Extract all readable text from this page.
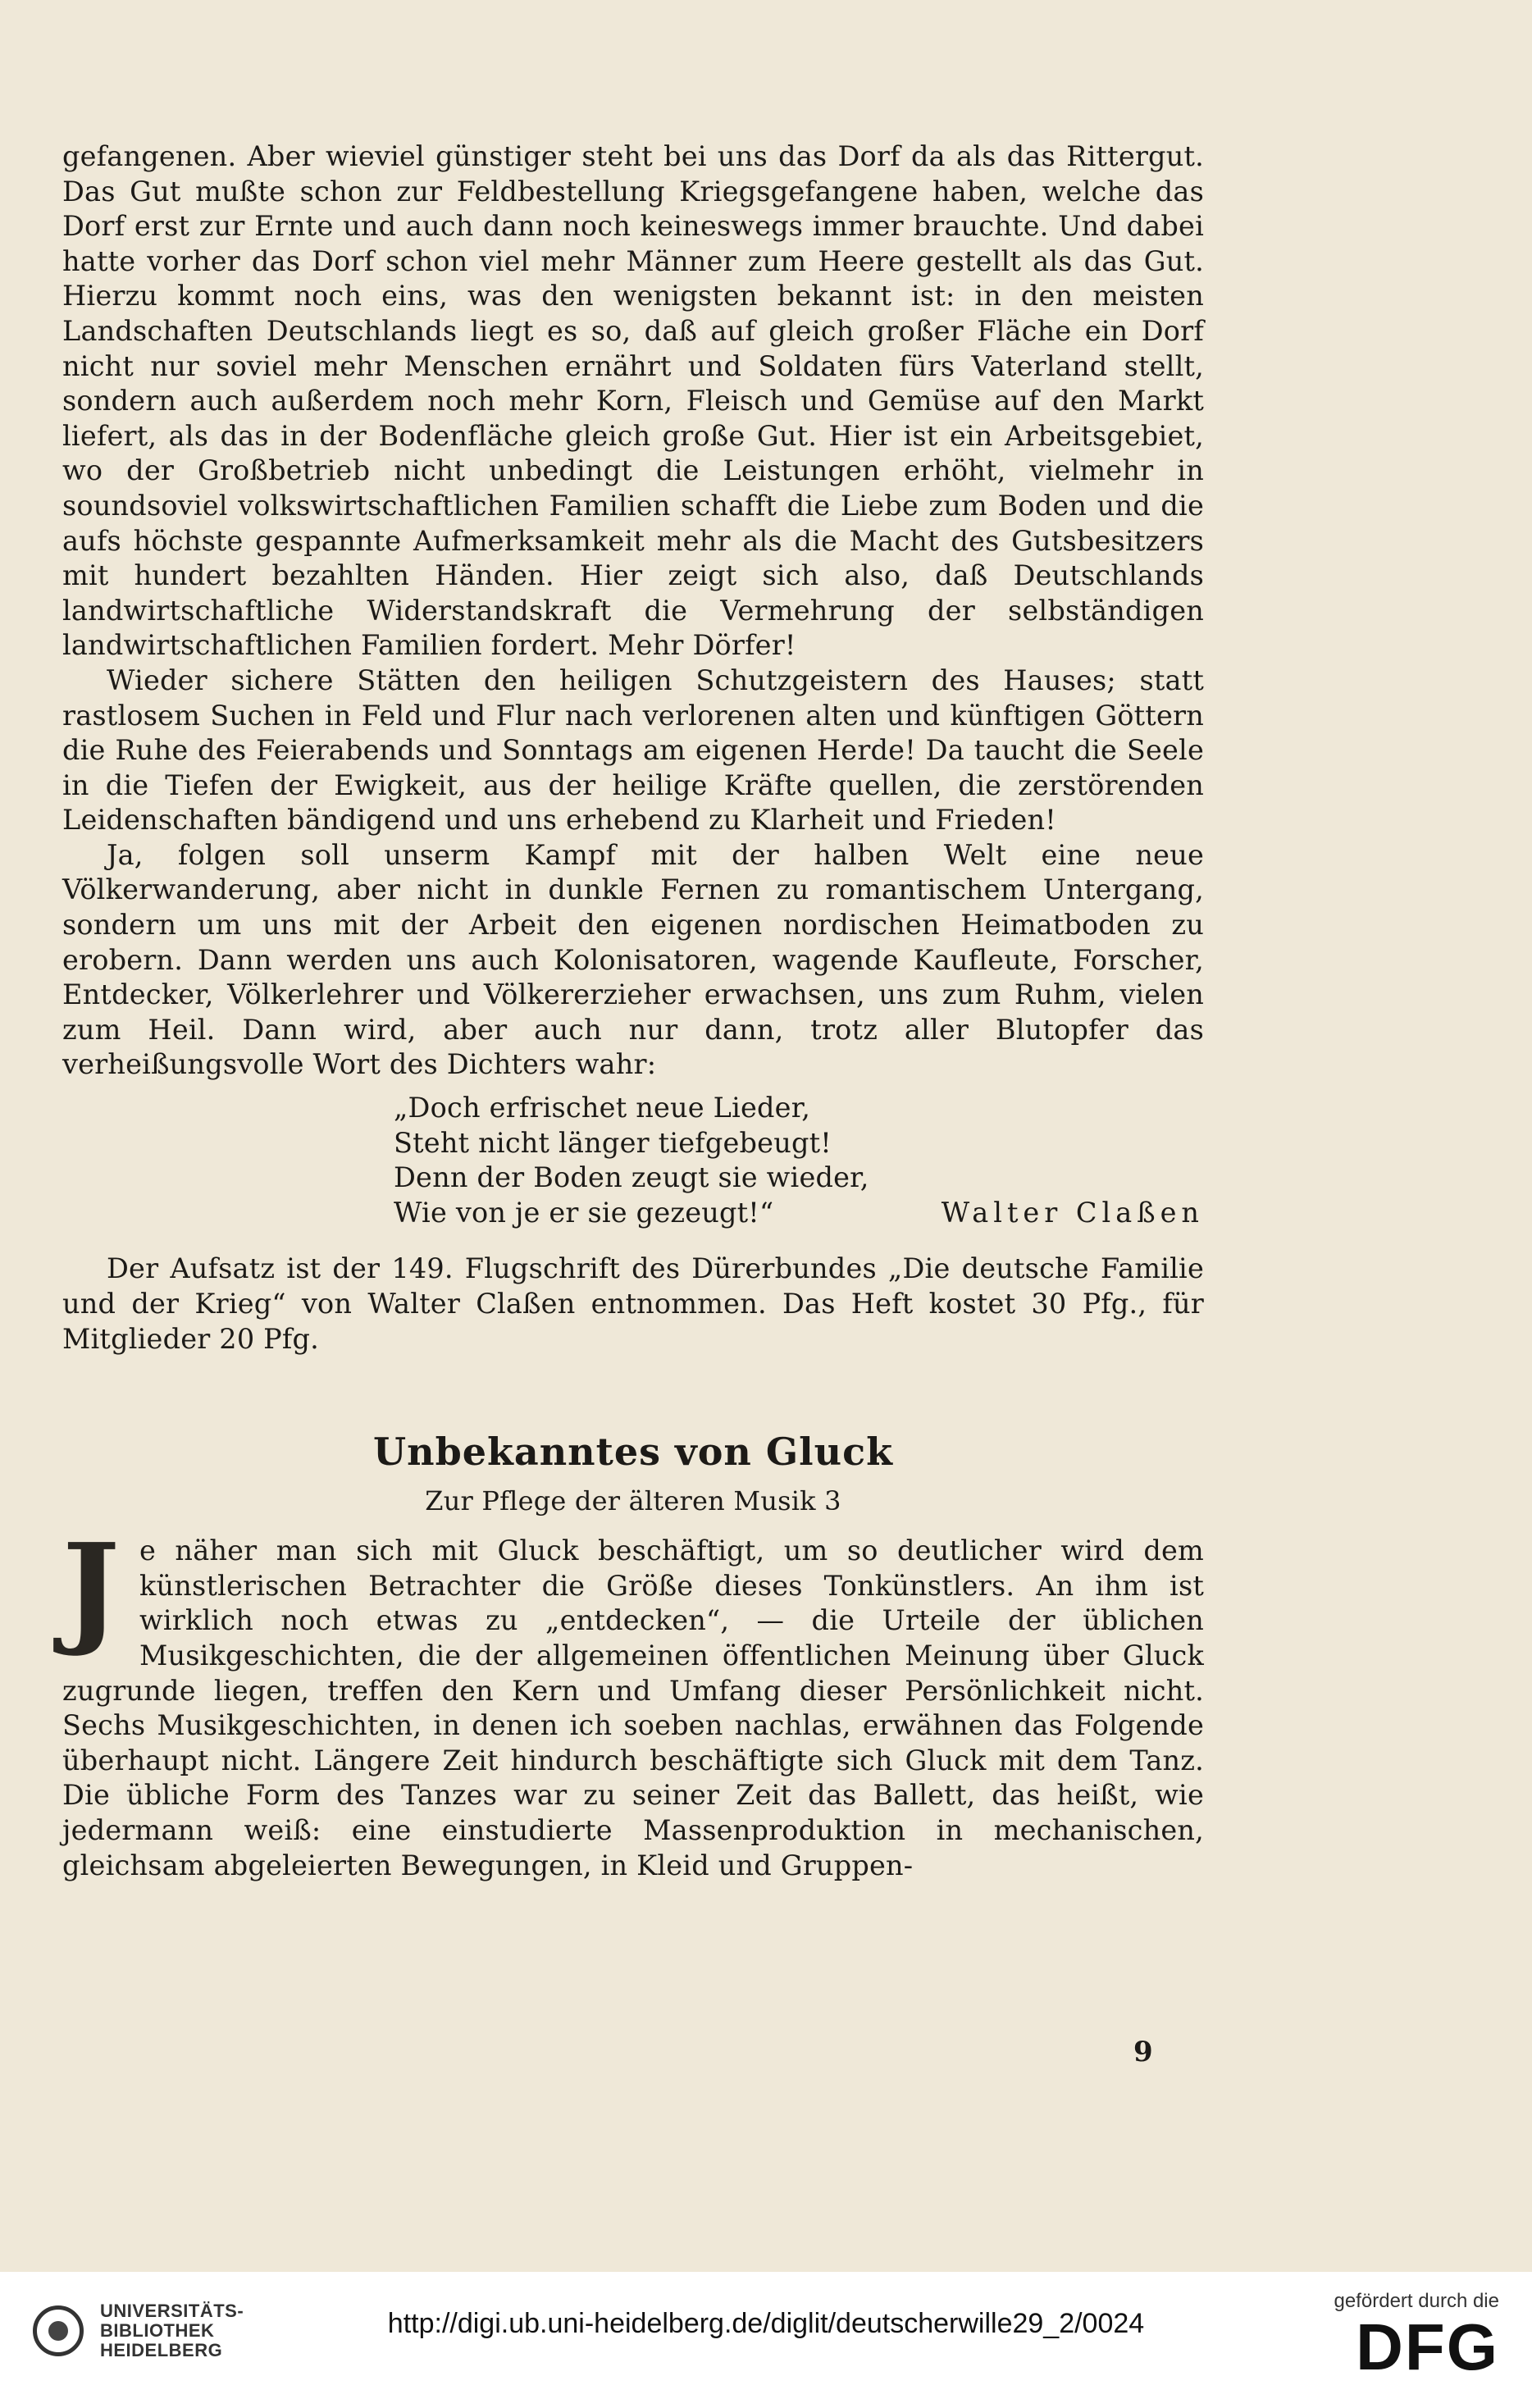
gefangenen. Aber wieviel günstiger steht bei uns das Dorf da als das Rittergut. Das Gut mußte schon zur Feldbestellung Kriegsgefangene haben, welche das Dorf erst zur Ernte und auch dann noch keineswegs immer brauchte. Und dabei hatte vorher das Dorf schon viel mehr Männer zum Heere gestellt als das Gut. Hierzu kommt noch eins, was den wenigsten bekannt ist: in den meisten Landschaften Deutschlands liegt es so, daß auf gleich großer Fläche ein Dorf nicht nur soviel mehr Menschen ernährt und Soldaten fürs Vaterland stellt, sondern auch außerdem noch mehr Korn, Fleisch und Gemüse auf den Markt liefert, als das in der Bodenfläche gleich große Gut. Hier ist ein Arbeitsgebiet, wo der Großbetrieb nicht unbedingt die Leistungen erhöht, vielmehr in soundsoviel volkswirtschaftlichen Familien schafft die Liebe zum Boden und die aufs höchste gespannte Aufmerksamkeit mehr als die Macht des Gutsbesitzers mit hundert bezahlten Händen. Hier zeigt sich also, daß Deutschlands landwirtschaftliche Widerstandskraft die Vermehrung der selbständigen landwirtschaftlichen Familien fordert. Mehr Dörfer!

Wieder sichere Stätten den heiligen Schutzgeistern des Hauses; statt rastlosem Suchen in Feld und Flur nach verlorenen alten und künftigen Göttern die Ruhe des Feierabends und Sonntags am eigenen Herde! Da taucht die Seele in die Tiefen der Ewigkeit, aus der heilige Kräfte quellen, die zerstörenden Leidenschaften bändigend und uns erhebend zu Klarheit und Frieden!

Ja, folgen soll unserm Kampf mit der halben Welt eine neue Völkerwanderung, aber nicht in dunkle Fernen zu romantischem Untergang, sondern um uns mit der Arbeit den eigenen nordischen Heimatboden zu erobern. Dann werden uns auch Kolonisatoren, wagende Kaufleute, Forscher, Entdecker, Völkerlehrer und Völkererzieher erwachsen, uns zum Ruhm, vielen zum Heil. Dann wird, aber auch nur dann, trotz aller Blutopfer das verheißungsvolle Wort des Dichters wahr:

„Doch erfrischet neue Lieder,
Steht nicht länger tiefgebeugt!
Denn der Boden zeugt sie wieder,
Wie von je er sie gezeugt!“	Walter Claßen

Der Aufsatz ist der 149. Flugschrift des Dürerbundes „Die deutsche Familie und der Krieg“ von Walter Claßen entnommen. Das Heft kostet 30 Pfg., für Mitglieder 20 Pfg.

Unbekanntes von Gluck
Zur Pflege der älteren Musik 3
J e näher man sich mit Gluck beschäftigt, um so deutlicher wird dem künstlerischen Betrachter die Größe dieses Tonkünstlers. An ihm ist wirklich noch etwas zu „entdecken“, — die Urteile der üblichen Musikgeschichten, die der allgemeinen öffentlichen Meinung über Gluck zugrunde liegen, treffen den Kern und Umfang dieser Persönlichkeit nicht. Sechs Musikgeschichten, in denen ich soeben nachlas, erwähnen das Folgende überhaupt nicht. Längere Zeit hindurch beschäftigte sich Gluck mit dem Tanz. Die übliche Form des Tanzes war zu seiner Zeit das Ballett, das heißt, wie jedermann weiß: eine einstudierte Massenproduktion in mechanischen, gleichsam abgeleierten Bewegungen, in Kleid und Gruppen-

9
UNIVERSITÄTS-
BIBLIOTHEK
HEIDELBERG
http://digi.ub.uni-heidelberg.de/diglit/deutscherwille29_2/0024
gefördert durch die
DFG
